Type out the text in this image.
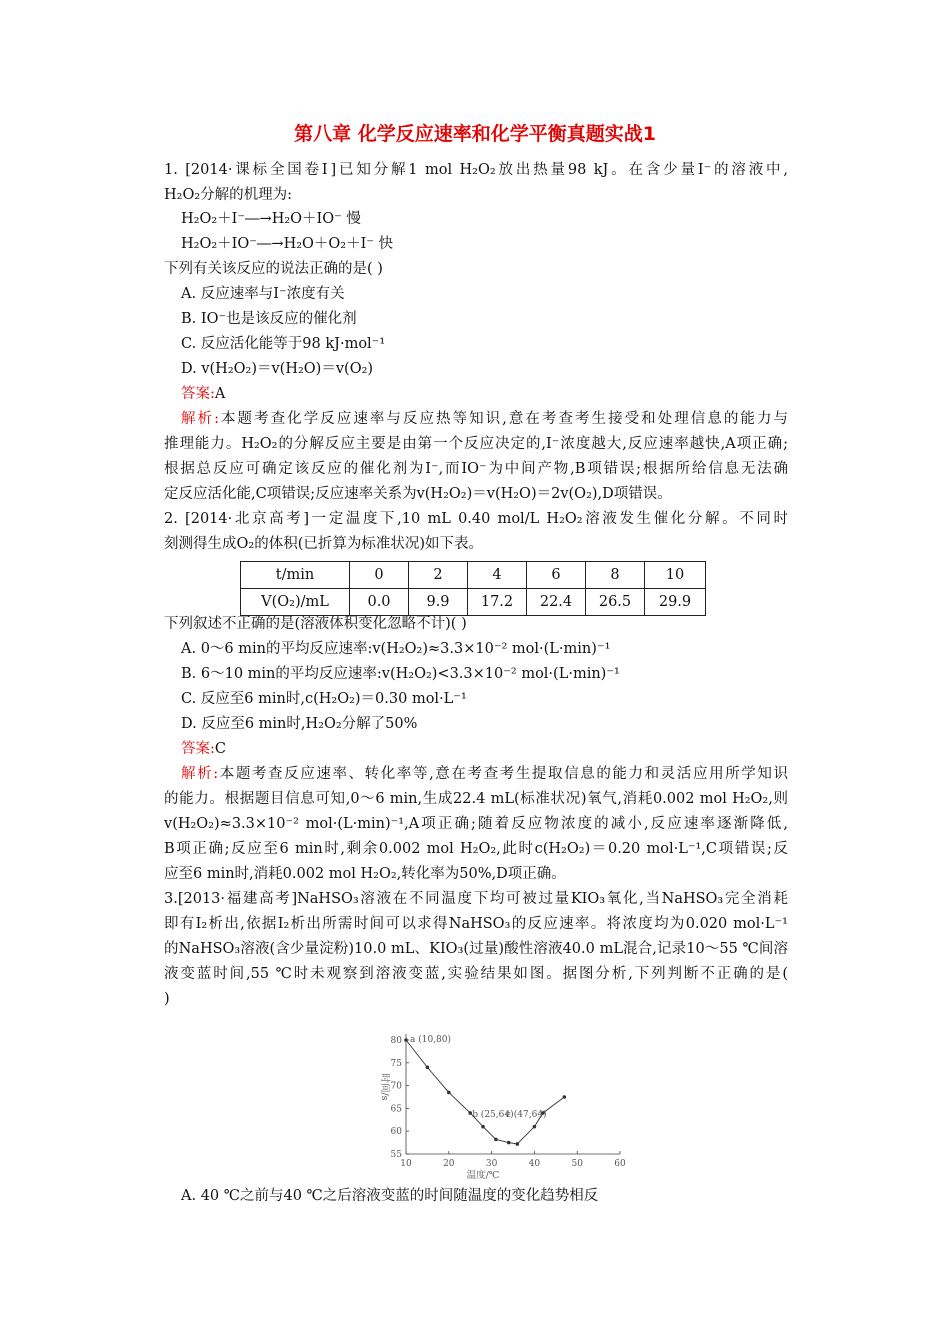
第八章 化学反应速率和化学平衡真题实战1
1. [2014·课标全国卷Ⅰ]已知分解1 mol H₂O₂放出热量98 kJ。在含少量I⁻的溶液中,
H₂O₂分解的机理为:
H₂O₂＋I⁻―→H₂O＋IO⁻ 慢
H₂O₂＋IO⁻―→H₂O＋O₂＋I⁻ 快
下列有关该反应的说法正确的是( )
A. 反应速率与I⁻浓度有关
B. IO⁻也是该反应的催化剂
C. 反应活化能等于98 kJ·mol⁻¹
D. v(H₂O₂)＝v(H₂O)＝v(O₂)
答案:A
解析:本题考查化学反应速率与反应热等知识,意在考查考生接受和处理信息的能力与
推理能力。H₂O₂的分解反应主要是由第一个反应决定的,I⁻浓度越大,反应速率越快,A项正确;
根据总反应可确定该反应的催化剂为I⁻,而IO⁻为中间产物,B项错误;根据所给信息无法确
定反应活化能,C项错误;反应速率关系为v(H₂O₂)＝v(H₂O)＝2v(O₂),D项错误。
2. [2014·北京高考]一定温度下,10 mL 0.40 mol/L H₂O₂溶液发生催化分解。不同时
刻测得生成O₂的体积(已折算为标准状况)如下表。
t/min	0	2	4	6	8	10
V(O₂)/mL	0.0	9.9	17.2	22.4	26.5	29.9
下列叙述不正确的是(溶液体积变化忽略不计)( )
A. 0～6 min的平均反应速率:v(H₂O₂)≈3.3×10⁻² mol·(L·min)⁻¹
B. 6～10 min的平均反应速率:v(H₂O₂)<3.3×10⁻² mol·(L·min)⁻¹
C. 反应至6 min时,c(H₂O₂)＝0.30 mol·L⁻¹
D. 反应至6 min时,H₂O₂分解了50%
答案:C
解析:本题考查反应速率、转化率等,意在考查考生提取信息的能力和灵活应用所学知识
的能力。根据题目信息可知,0～6 min,生成22.4 mL(标准状况)氧气,消耗0.002 mol H₂O₂,则
v(H₂O₂)≈3.3×10⁻² mol·(L·min)⁻¹,A项正确;随着反应物浓度的减小,反应速率逐渐降低,
B项正确;反应至6 min时,剩余0.002 mol H₂O₂,此时c(H₂O₂)＝0.20 mol·L⁻¹,C项错误;反
应至6 min时,消耗0.002 mol H₂O₂,转化率为50%,D项正确。
3.[2013·福建高考]NaHSO₃溶液在不同温度下均可被过量KIO₃氧化,当NaHSO₃完全消耗
即有I₂析出,依据I₂析出所需时间可以求得NaHSO₃的反应速率。将浓度均为0.020 mol·L⁻¹
的NaHSO₃溶液(含少量淀粉)10.0 mL、KIO₃(过量)酸性溶液40.0 mL混合,记录10～55 ℃间溶
液变蓝时间,55 ℃时未观察到溶液变蓝,实验结果如图。据图分析,下列判断不正确的是(
)
10	20	30	40	50	60
55
60
65
70
75
80
温度/℃
时间/s
a (10,80)
b (25,64)
c (47,64)
A. 40 ℃之前与40 ℃之后溶液变蓝的时间随温度的变化趋势相反
